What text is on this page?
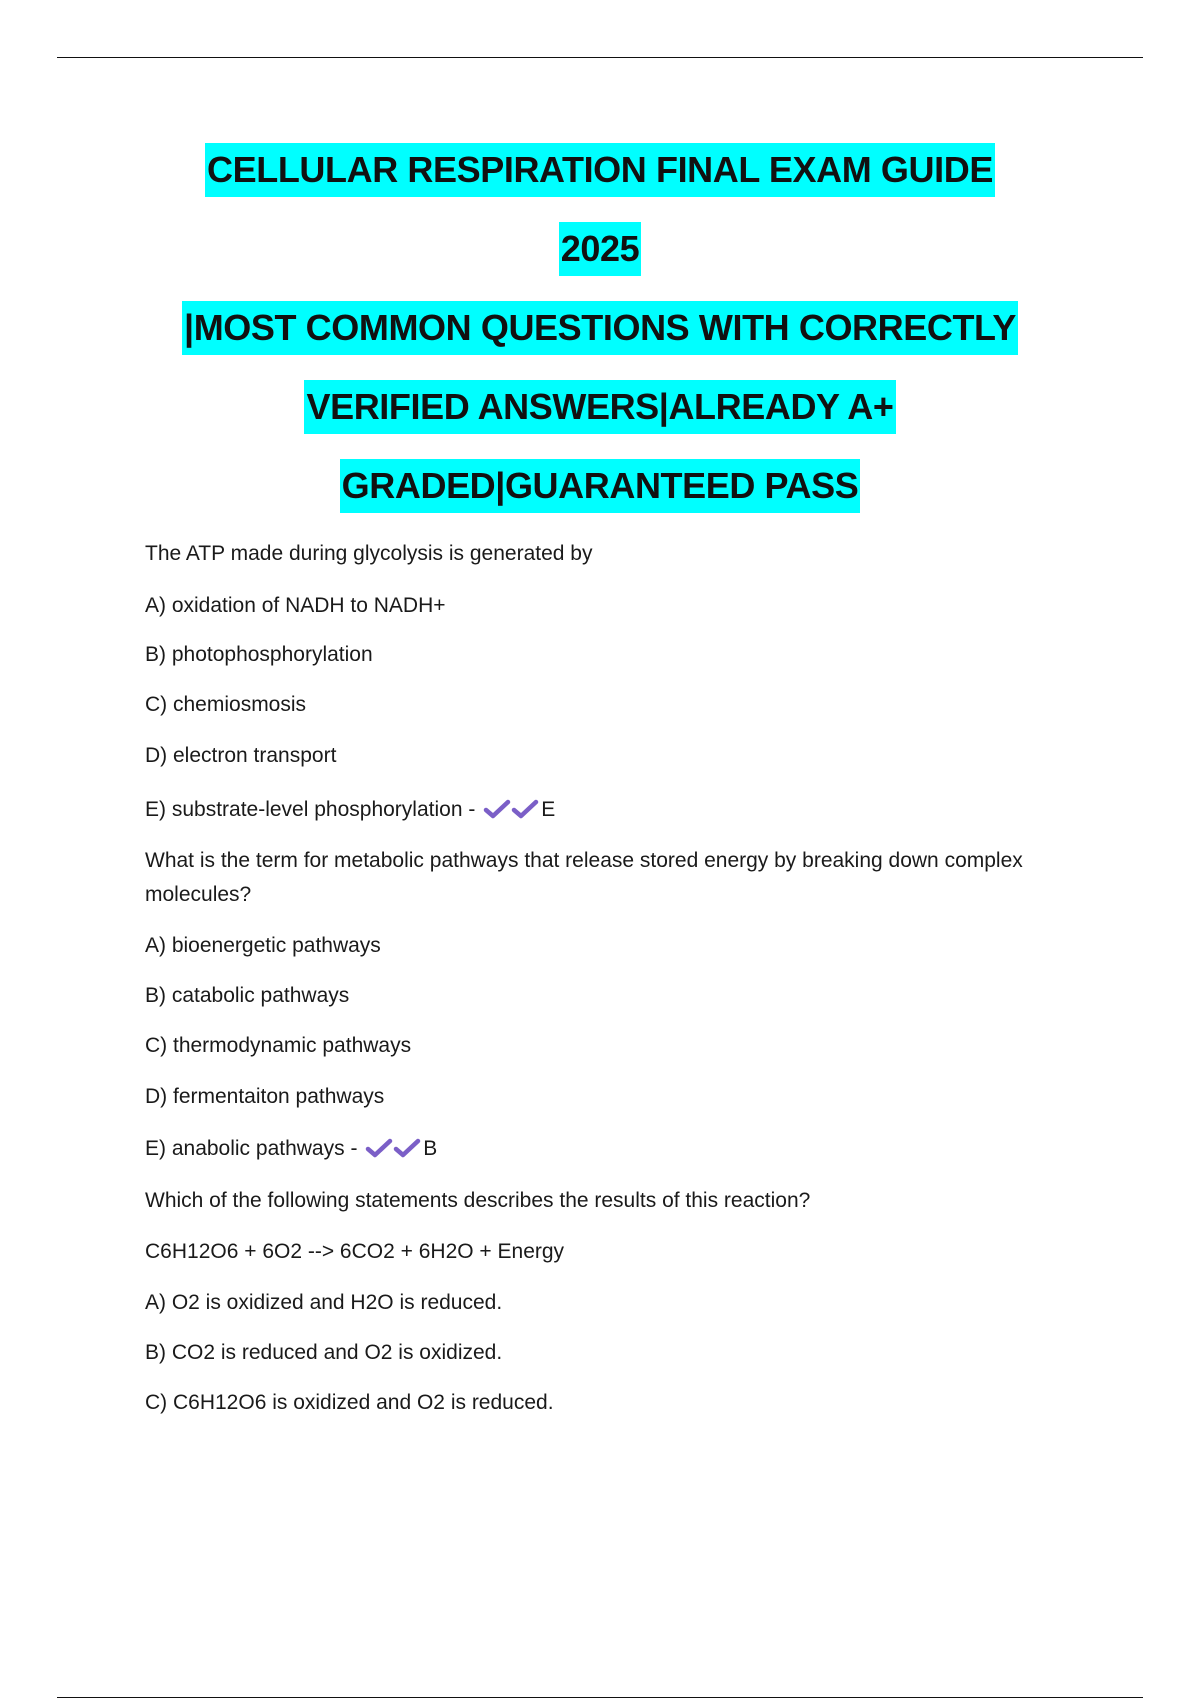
CELLULAR RESPIRATION FINAL EXAM GUIDE
2025
|MOST COMMON QUESTIONS WITH CORRECTLY
VERIFIED ANSWERS|ALREADY A+
GRADED|GUARANTEED PASS
The ATP made during glycolysis is generated by
A) oxidation of NADH to NADH+
B) photophosphorylation
C) chemiosmosis
D) electron transport
E) substrate-level phosphorylation -	E
What is the term for metabolic pathways that release stored energy by breaking down complex molecules?
A) bioenergetic pathways
B) catabolic pathways
C) thermodynamic pathways
D) fermentaiton pathways
E) anabolic pathways -	B
Which of the following statements describes the results of this reaction?
C6H12O6 + 6O2 --> 6CO2 + 6H2O + Energy
A) O2 is oxidized and H2O is reduced.
B) CO2 is reduced and O2 is oxidized.
C) C6H12O6 is oxidized and O2 is reduced.
